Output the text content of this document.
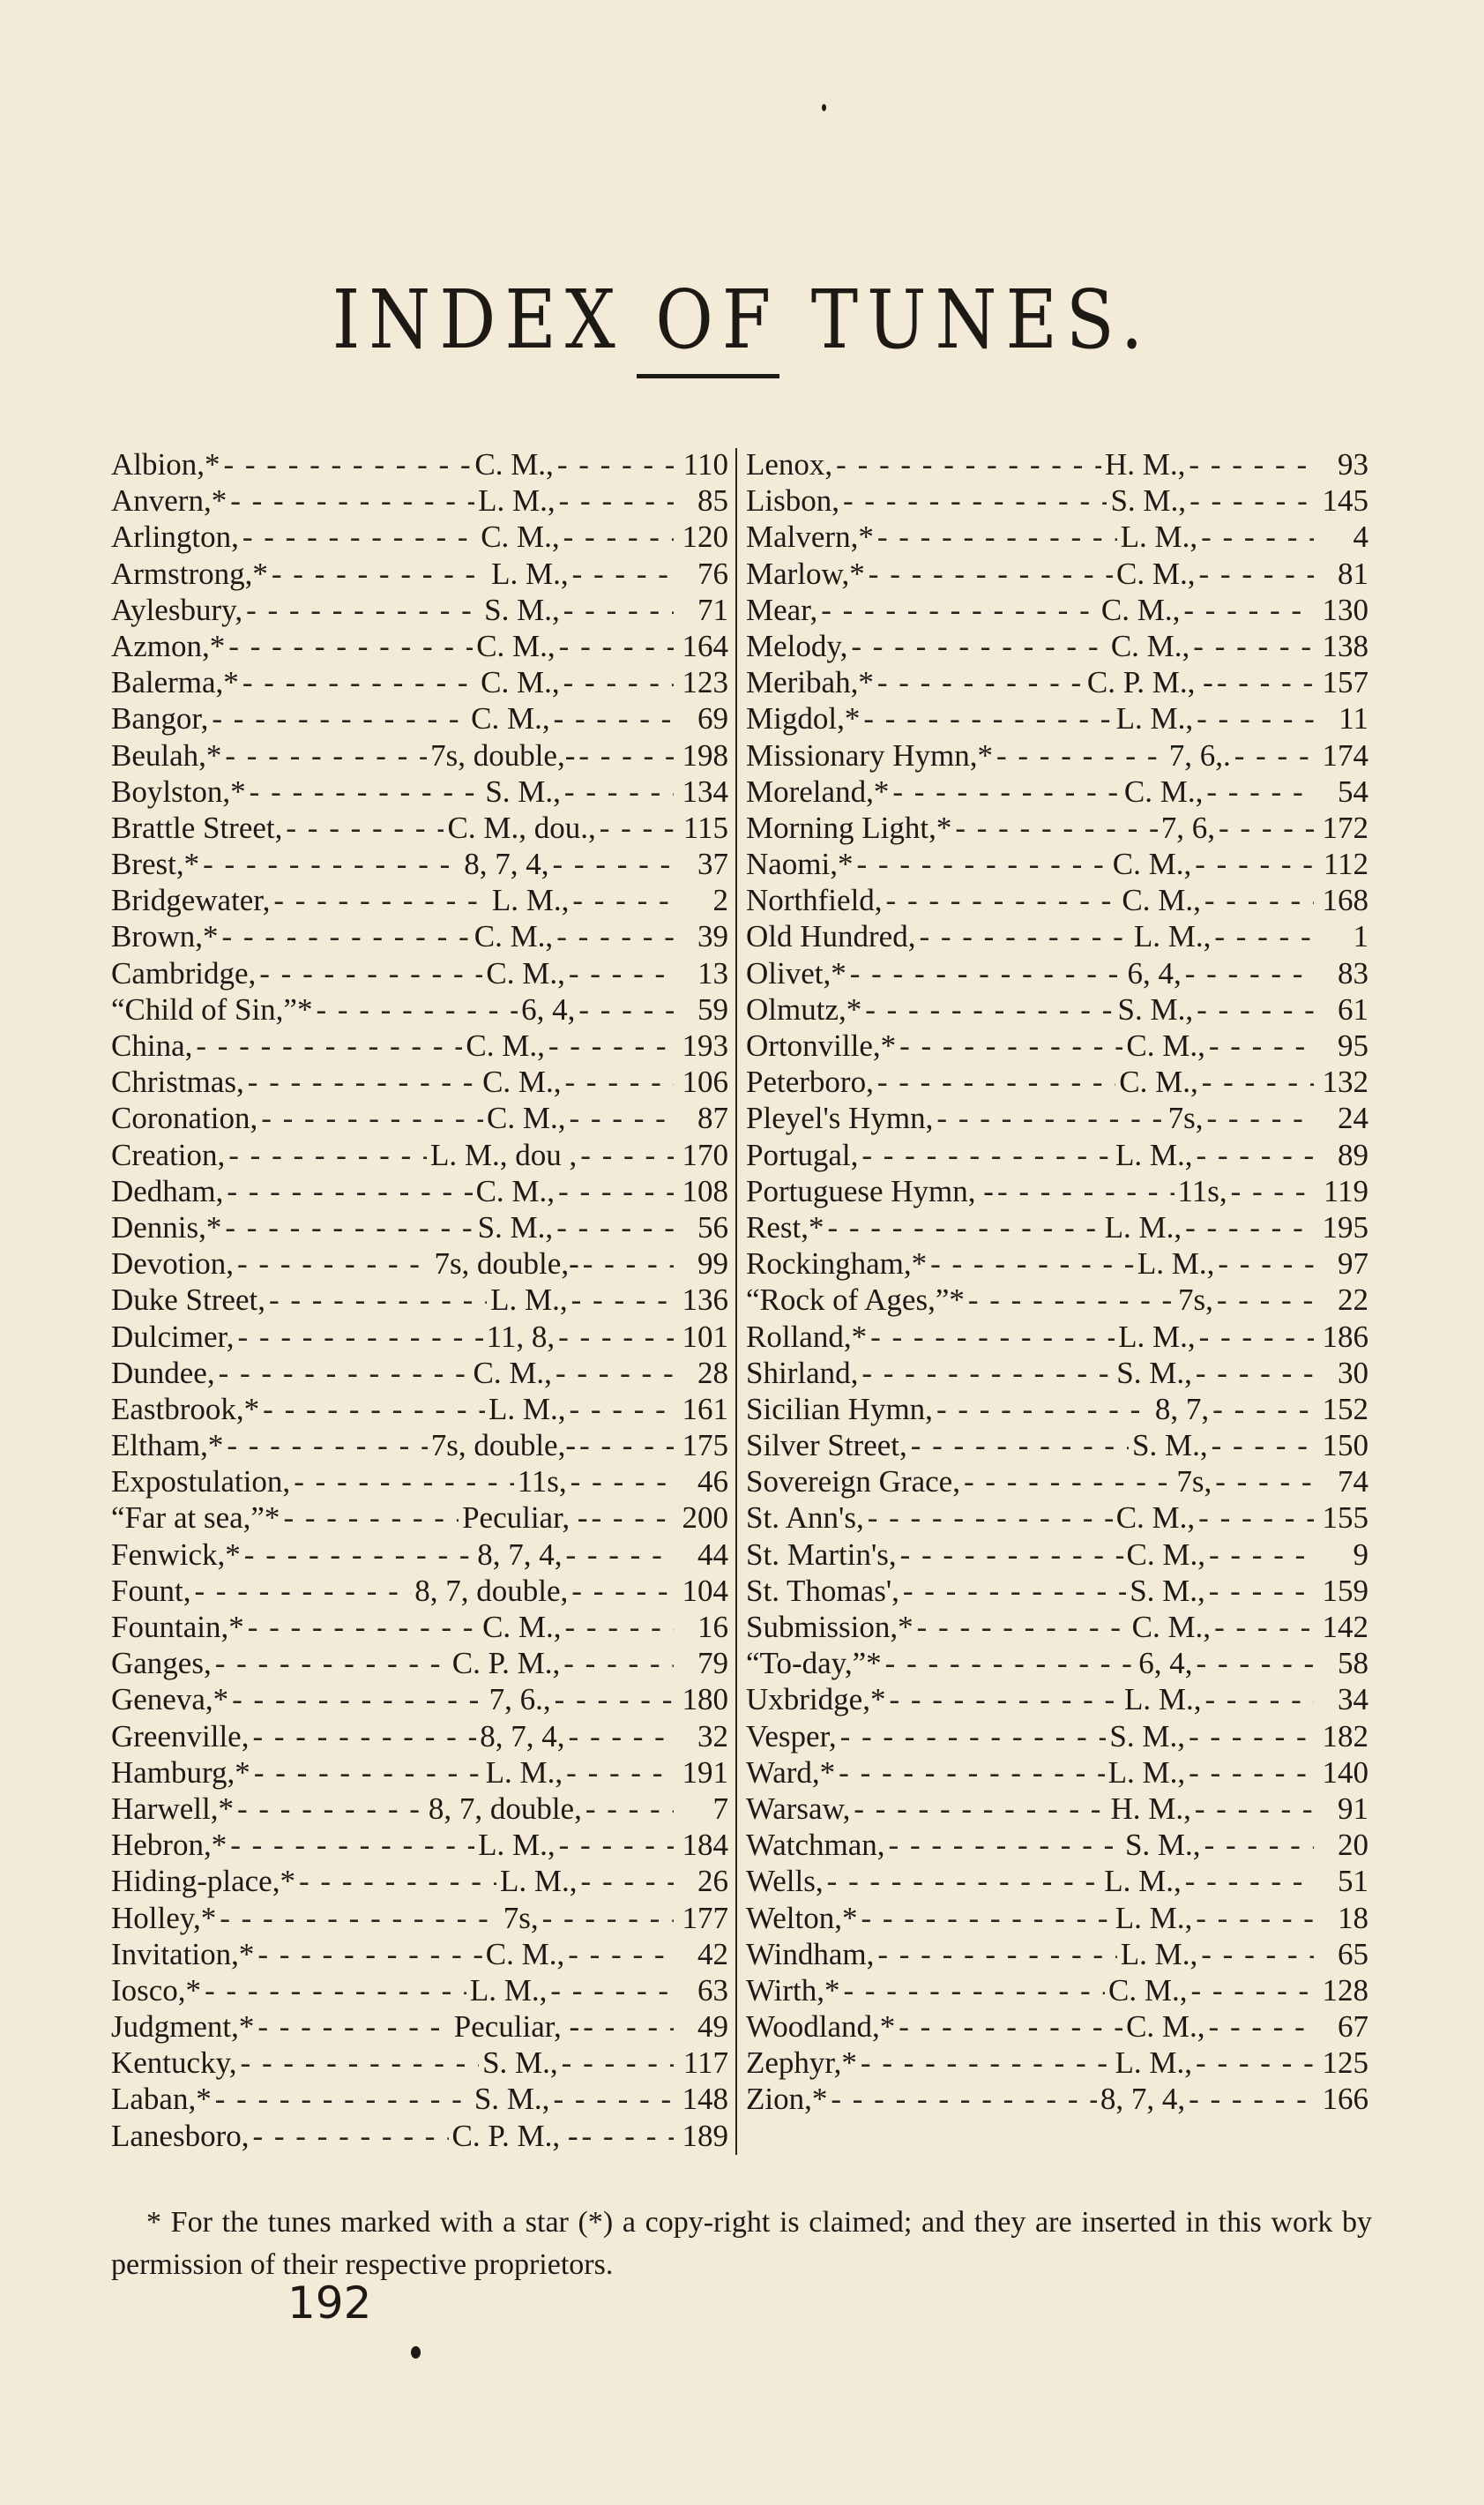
INDEX OF TUNES.
Albion,* - - -	C. M., - - -	110
Anvern,* - - -	L. M., - - -	85
Arlington, - - -	C. M., - - -	120
Armstrong,* - - -	L. M., - - -	76
Aylesbury, - - -	S. M., - - -	71
Azmon,* - - -	C. M., - - -	164
Balerma,* - - -	C. M., - - -	123
Bangor, - - -	C. M., - - -	69
Beulah,* - - -	7s, double,- - - -	198
Boylston,* - - -	S. M., - - -	134
Brattle Street, - - -	C. M., dou., - - -	115
Brest,* - - -	8, 7, 4, - - -	37
Bridgewater, - - -	L. M., - - -	2
Brown,* - - -	C. M., - - -	39
Cambridge, - - -	C. M., - - -	13
“Child of Sin,”* - - -	6, 4, - - -	59
China, - - -	C. M., - - -	193
Christmas, - - -	C. M., - - -	106
Coronation, - - -	C. M., - - -	87
Creation, - - -	L. M., dou , - - -	170
Dedham, - - -	C. M., - - -	108
Dennis,* - - -	S. M., - - -	56
Devotion, - - -	7s, double,- - - -	99
Duke Street, - - -	L. M., - - -	136
Dulcimer, - - -	11, 8, - - -	101
Dundee, - - -	C. M., - - -	28
Eastbrook,* - - -	L. M., - - -	161
Eltham,* - - -	7s, double,- - - -	175
Expostulation, - - -	11s, - - -	46
“Far at sea,”* - - -	Peculiar, - - - -	200
Fenwick,* - - -	8, 7, 4, - - -	44
Fount, - - -	8, 7, double, - - -	104
Fountain,* - - -	C. M., - - -	16
Ganges, - - -	C. P. M., - - -	79
Geneva,* - - -	7, 6., - - -	180
Greenville, - - -	8, 7, 4, - - -	32
Hamburg,* - - -	L. M., - - -	191
Harwell,* - - -	8, 7, double, - - -	7
Hebron,* - - -	L. M., - - -	184
Hiding-place,* - - -	L. M., - - -	26
Holley,* - - -	7s, - - -	177
Invitation,* - - -	C. M., - - -	42
Iosco,* - - -	L. M., - - -	63
Judgment,* - - -	Peculiar, - - - -	49
Kentucky, - - -	S. M., - - -	117
Laban,* - - -	S. M., - - -	148
Lanesboro, - - -	C. P. M., - - - -	189
Lenox, - - -	H. M., - - -	93
Lisbon, - - -	S. M., - - -	145
Malvern,* - - -	L. M., - - -	4
Marlow,* - - -	C. M., - - -	81
Mear, - - -	C. M., - - -	130
Melody, - - -	C. M., - - -	138
Meribah,* - - -	C. P. M., - - - -	157
Migdol,* - - -	L. M., - - -	11
Missionary Hymn,* - - -	7, 6,. - - -	174
Moreland,* - - -	C. M., - - -	54
Morning Light,* - - -	7, 6, - - -	172
Naomi,* - - -	C. M., - - -	112
Northfield, - - -	C. M., - - -	168
Old Hundred, - - -	L. M., - - -	1
Olivet,* - - -	6, 4, - - -	83
Olmutz,* - - -	S. M., - - -	61
Ortonville,* - - -	C. M., - - -	95
Peterboro, - - -	C. M., - - -	132
Pleyel's Hymn, - - -	7s, - - -	24
Portugal, - - -	L. M., - - -	89
Portuguese Hymn, - - - -	11s, - - -	119
Rest,* - - -	L. M., - - -	195
Rockingham,* - - -	L. M., - - -	97
“Rock of Ages,”* - - -	7s, - - -	22
Rolland,* - - -	L. M., - - -	186
Shirland, - - -	S. M., - - -	30
Sicilian Hymn, - - -	8, 7, - - -	152
Silver Street, - - -	S. M., - - -	150
Sovereign Grace, - - -	7s, - - -	74
St. Ann's, - - -	C. M., - - -	155
St. Martin's, - - -	C. M., - - -	9
St. Thomas', - - -	S. M., - - -	159
Submission,* - - -	C. M., - - -	142
“To-day,”* - - -	6, 4, - - -	58
Uxbridge,* - - -	L. M., - - -	34
Vesper, - - -	S. M., - - -	182
Ward,* - - -	L. M., - - -	140
Warsaw, - - -	H. M., - - -	91
Watchman, - - -	S. M., - - -	20
Wells, - - -	L. M., - - -	51
Welton,* - - -	L. M., - - -	18
Windham, - - -	L. M., - - -	65
Wirth,* - - -	C. M., - - -	128
Woodland,* - - -	C. M., - - -	67
Zephyr,* - - -	L. M., - - -	125
Zion,* - - -	8, 7, 4, - - -	166

* For the tunes marked with a star (*) a copy-right is claimed; and they are inserted in this work by permission of their respective proprietors.

192
